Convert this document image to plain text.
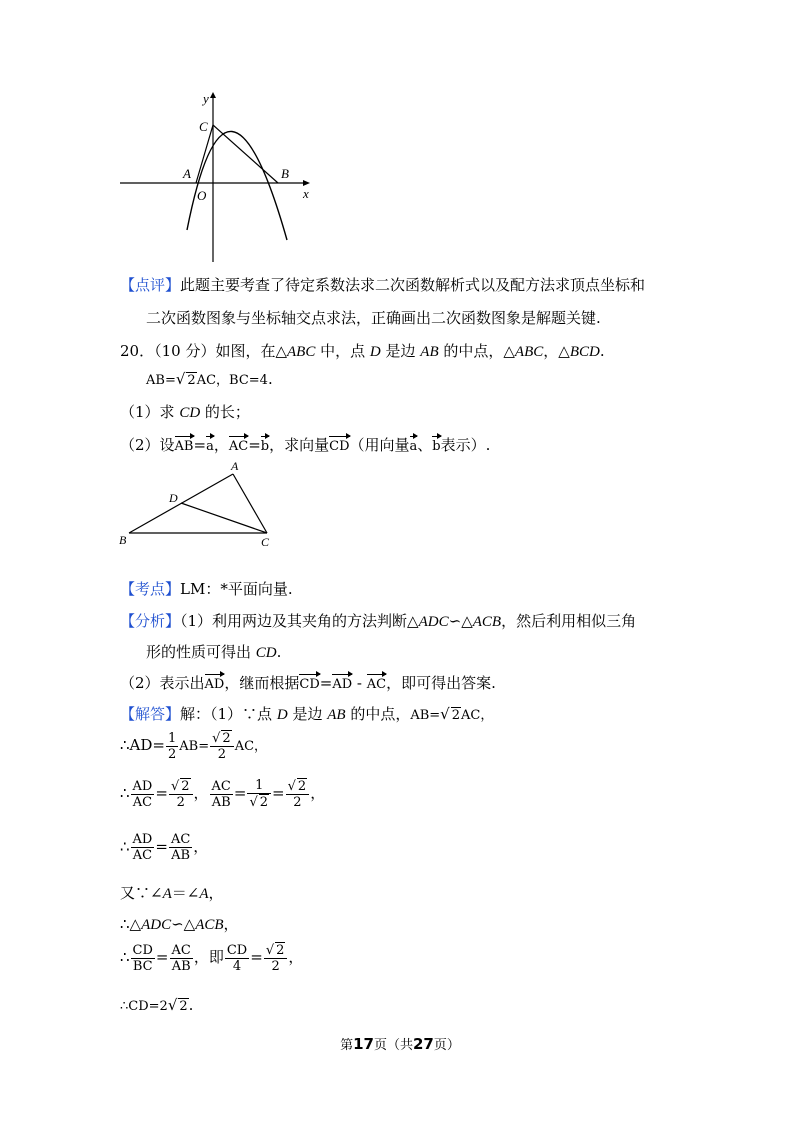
y
x
C
A
O
B
【点评】此题主要考查了待定系数法求二次函数解析式以及配方法求顶点坐标和
二次函数图象与坐标轴交点求法，正确画出二次函数图象是解题关键.
20．（10 分）如图，在△ABC 中，点 D 是边 AB 的中点，△ABC，△BCD.
AB=√ 2AC，BC=4.
（1）求 CD 的长；
（2）设AB=a，AC=b，求向量CD（用向量a、b表示）.
A
D
B	C
【考点】LM：*平面向量.
【分析】（1）利用两边及其夹角的方法判断△ADC∽△ACB，然后利用相似三角
形的性质可得出 CD.
（2）表示出AD，继而根据CD=AD - AC，即可得出答案.
【解答】解：（1）∵点 D 是边 AB 的中点，AB=√ 2AC，
∴AD= $\frac{1}{2} AB= \frac{√ 2}{2}$ AC，
∴ $\frac{AD}{AC} = \frac{√ 2}{2}$ ， $\frac{AC}{AB} = \frac{1}{√ 2} = \frac{√ 2}{2}$ ，
∴ $\frac{AD}{AC} = \frac{AC}{AB}$ ，
又∵∠A＝∠A，
∴△ADC∽△ACB，
∴ $\frac{CD}{BC} = \frac{AC}{AB}$ ，即 $\frac{CD}{4} = \frac{√ 2}{2}$ ，
∴CD=2√ 2.
第17页（共27页）
